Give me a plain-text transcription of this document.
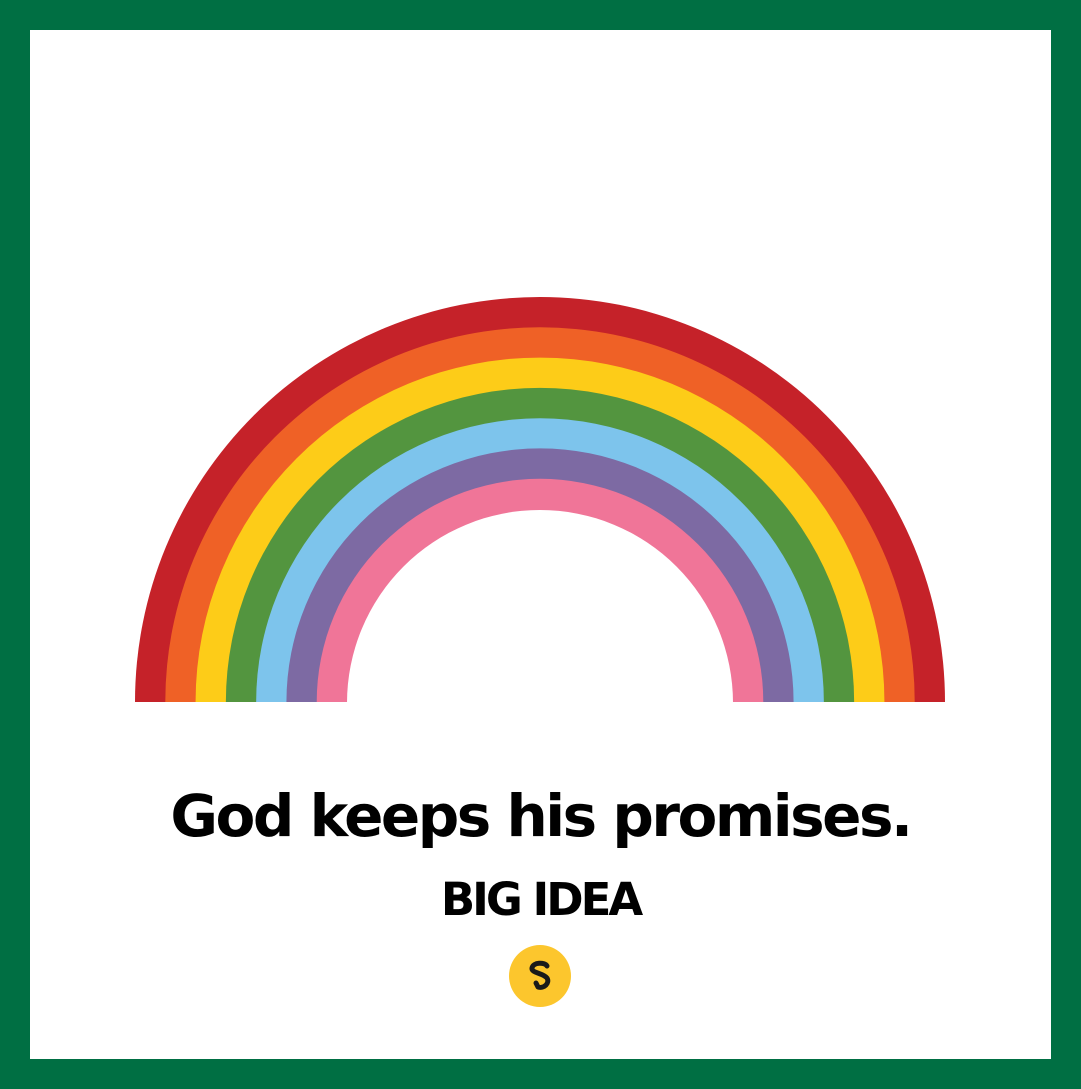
God keeps his promises.
BIG IDEA
